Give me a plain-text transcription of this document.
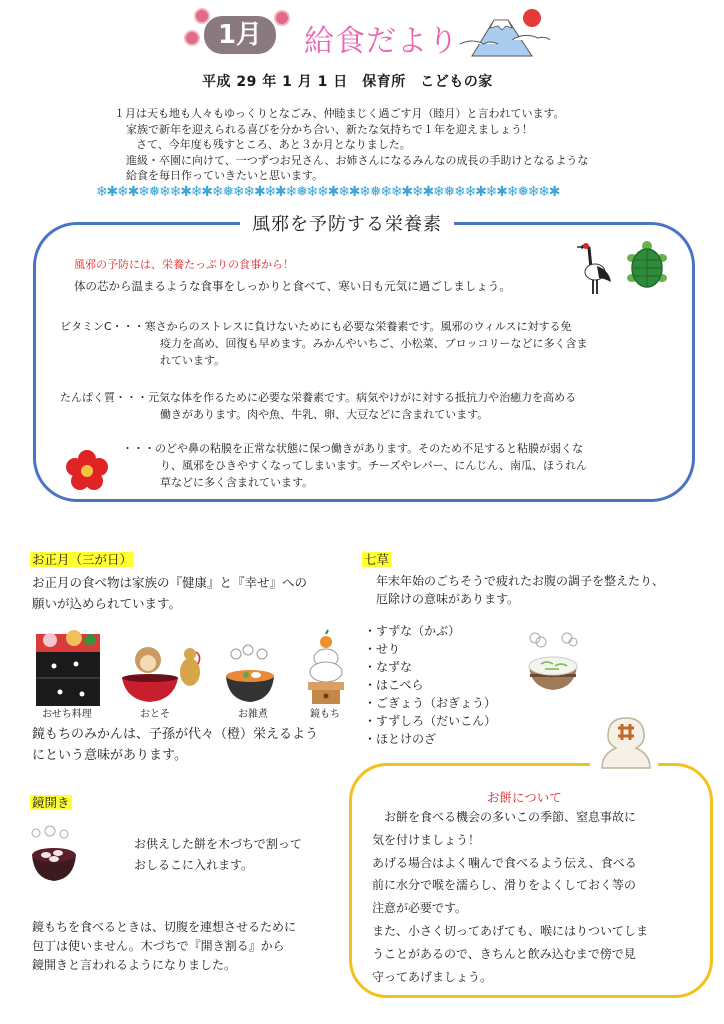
1月	給食だより
平成 29 年 1 月 1 日　保育所　こどもの家

１月は天も地も人々もゆっくりとなごみ、仲睦まじく過ごす月（睦月）と言われています。

家族で新年を迎えられる喜びを分かち合い、新たな気持ちで１年を迎えましょう！

さて、今年度も残すところ、あと３か月となりました。

進級・卒園に向けて、一つずつお兄さん、お姉さんになるみんなの成長の手助けとなるような

給食を毎日作っていきたいと思います。

❄✱❄✱❄❅❄❄✱❄✱❄❅❄❄✱❄✱❄❅❄❄✱❄✱❄❅❄❄✱❄✱❄❅❄❄✱❄✱❄❅❄❄✱
風邪を予防する栄養素
風邪の予防には、栄養たっぷりの食事から！
体の芯から温まるような食事をしっかりと食べて、寒い日も元気に過ごしましょう。
ビタミンC・・・寒さからのストレスに負けないためにも必要な栄養素です。風邪のウィルスに対する免
疫力を高め、回復も早めます。みかんやいちご、小松菜、ブロッコリーなどに多く含ま
れています。
たんぱく質・・・元気な体を作るために必要な栄養素です。病気やけがに対する抵抗力や治癒力を高める
働きがあります。肉や魚、牛乳、卵、大豆などに含まれています。
・・・のどや鼻の粘膜を正常な状態に保つ働きがあります。そのため不足すると粘膜が弱くな
り、風邪をひきやすくなってしまいます。チーズやレバー、にんじん、南瓜、ほうれん
草などに多く含まれています。
お正月（三が日）

お正月の食べ物は家族の『健康』と『幸せ』への

願いが込められています。

おせち料理	おとそ	お雑煮	鏡もち

鏡もちのみかんは、子孫が代々（橙）栄えるよう

にという意味があります。

七草

年末年始のごちそうで疲れたお腹の調子を整えたり、

厄除けの意味があります。

・すずな（かぶ）

・せり

・なずな

・はこべら

・ごぎょう（おぎょう）

・すずしろ（だいこん）

・ほとけのざ

鏡開き

お供えした餅を木づちで割って

おしるこに入れます。

鏡もちを食べるときは、切腹を連想させるために

包丁は使いません。木づちで『開き割る』から

鏡開きと言われるようになりました。

お餅について

　お餅を食べる機会の多いこの季節、窒息事故に

気を付けましょう！

あげる場合はよく噛んで食べるよう伝え、食べる

前に水分で喉を濡らし、滑りをよくしておく等の

注意が必要です。

また、小さく切ってあげても、喉にはりついてしま

うことがあるので、きちんと飲み込むまで傍で見

守ってあげましょう。
